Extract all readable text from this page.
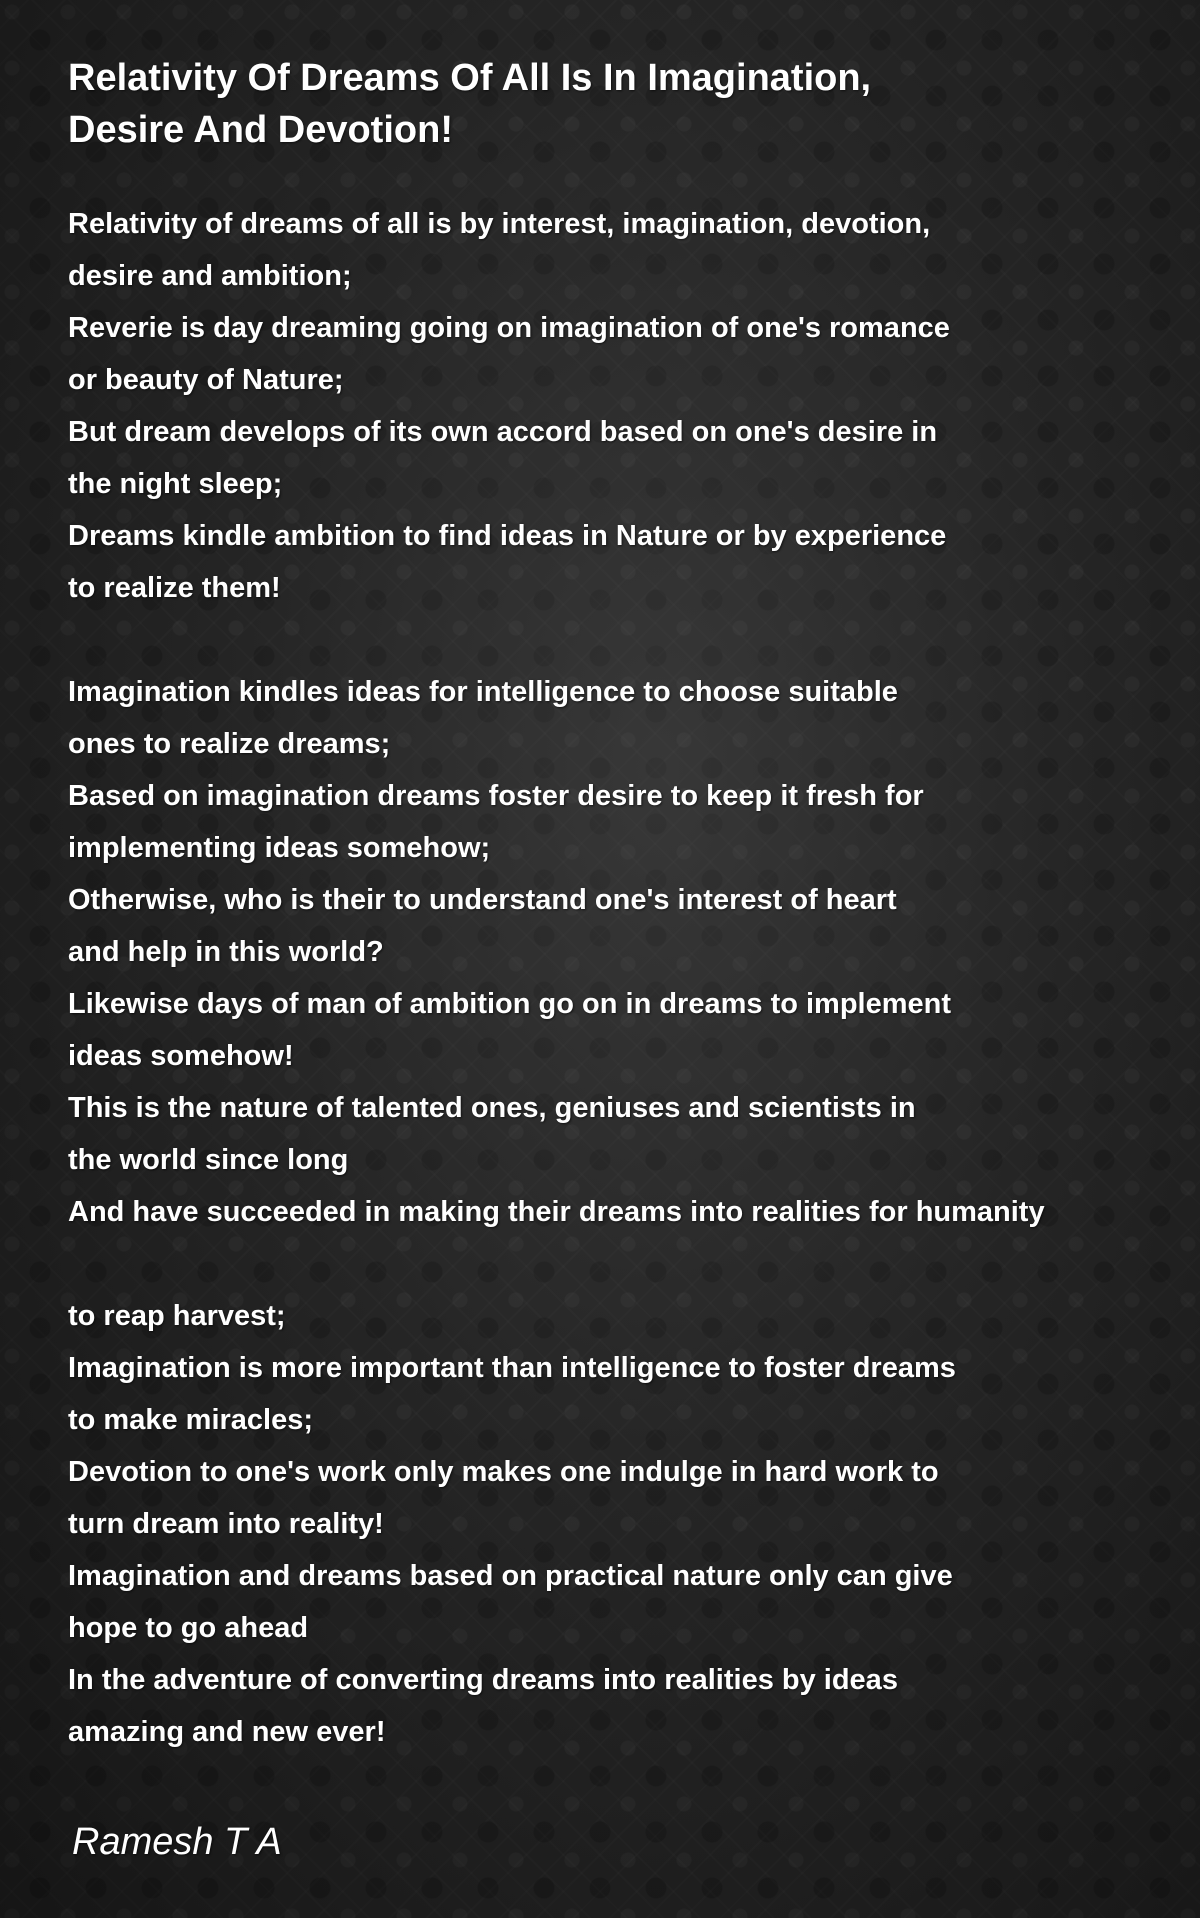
Relativity Of Dreams Of All Is In Imagination,
Desire And Devotion!
Relativity of dreams of all is by interest, imagination, devotion,
desire and ambition;
Reverie is day dreaming going on imagination of one's romance
or beauty of Nature;
But dream develops of its own accord based on one's desire in
the night sleep;
Dreams kindle ambition to find ideas in Nature or by experience
to realize them!
Imagination kindles ideas for intelligence to choose suitable
ones to realize dreams;
Based on imagination dreams foster desire to keep it fresh for
implementing ideas somehow;
Otherwise, who is their to understand one's interest of heart
and help in this world?
Likewise days of man of ambition go on in dreams to implement
ideas somehow!
This is the nature of talented ones, geniuses and scientists in
the world since long
And have succeeded in making their dreams into realities for humanity
to reap harvest;
Imagination is more important than intelligence to foster dreams
to make miracles;
Devotion to one's work only makes one indulge in hard work to
turn dream into reality!
Imagination and dreams based on practical nature only can give
hope to go ahead
In the adventure of converting dreams into realities by ideas
amazing and new ever!
Ramesh T A
